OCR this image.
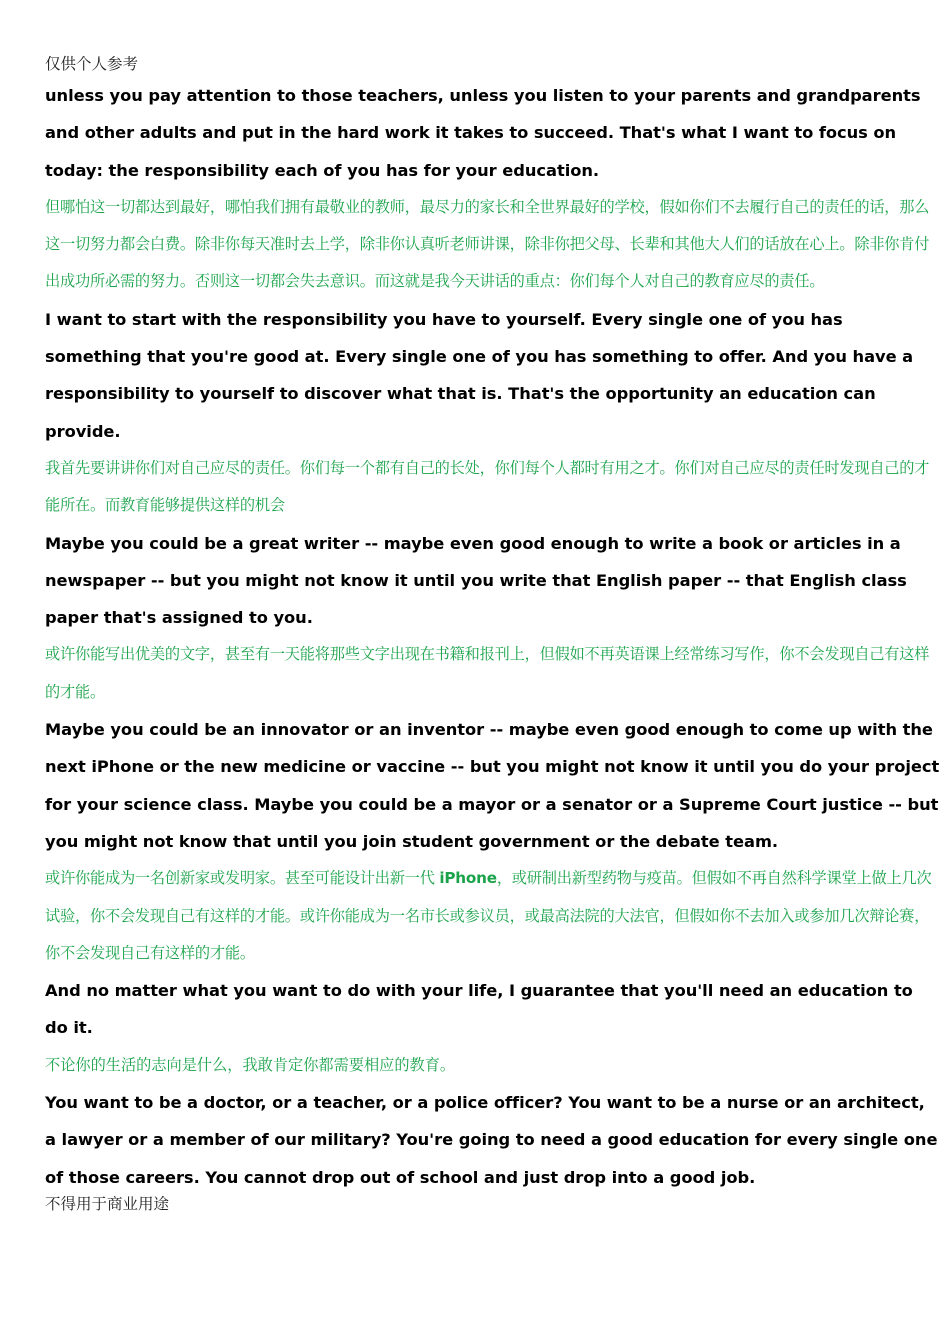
仅供个人参考

unless you pay attention to those teachers, unless you listen to your parents and grandparents and other adults and put in the hard work it takes to succeed. That's what I want to focus on today: the responsibility each of you has for your education.

但哪怕这一切都达到最好，哪怕我们拥有最敬业的教师，最尽力的家长和全世界最好的学校，假如你们不去履行自己的责任的话，那么这一切努力都会白费。除非你每天准时去上学，除非你认真听老师讲课，除非你把父母、长辈和其他大人们的话放在心上。除非你肯付出成功所必需的努力。否则这一切都会失去意识。而这就是我今天讲话的重点：你们每个人对自己的教育应尽的责任。

I want to start with the responsibility you have to yourself. Every single one of you has something that you're good at. Every single one of you has something to offer. And you have a responsibility to yourself to discover what that is. That's the opportunity an education can provide.

我首先要讲讲你们对自己应尽的责任。你们每一个都有自己的长处，你们每个人都时有用之才。你们对自己应尽的责任时发现自己的才能所在。而教育能够提供这样的机会

Maybe you could be a great writer -- maybe even good enough to write a book or articles in a newspaper -- but you might not know it until you write that English paper -- that English class paper that's assigned to you.

或许你能写出优美的文字，甚至有一天能将那些文字出现在书籍和报刊上，但假如不再英语课上经常练习写作，你不会发现自己有这样的才能。

Maybe you could be an innovator or an inventor -- maybe even good enough to come up with the next iPhone or the new medicine or vaccine -- but you might not know it until you do your project for your science class. Maybe you could be a mayor or a senator or a Supreme Court justice -- but you might not know that until you join student government or the debate team.

或许你能成为一名创新家或发明家。甚至可能设计出新一代 iPhone，或研制出新型药物与疫苗。但假如不再自然科学课堂上做上几次试验，你不会发现自己有这样的才能。或许你能成为一名市长或参议员，或最高法院的大法官，但假如你不去加入或参加几次辩论赛，你不会发现自己有这样的才能。

And no matter what you want to do with your life, I guarantee that you'll need an education to do it.

不论你的生活的志向是什么，我敢肯定你都需要相应的教育。

You want to be a doctor, or a teacher, or a police officer? You want to be a nurse or an architect, a lawyer or a member of our military? You're going to need a good education for every single one of those careers. You cannot drop out of school and just drop into a good job.

不得用于商业用途
